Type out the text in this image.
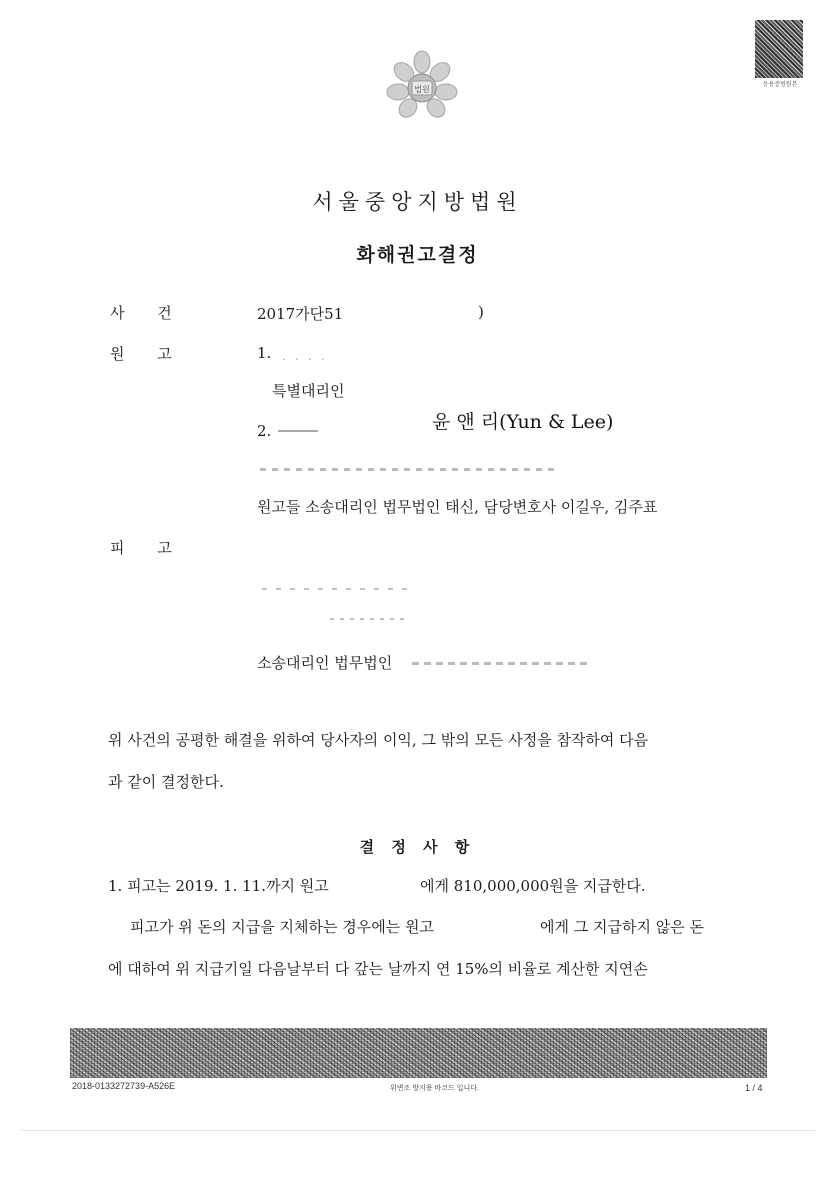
법원
응용증빙원본
서울중앙지방법원
화해권고결정
사 건	2017가단51	)
원 고	1. . . . .
특별대리인
2.	윤 앤 리(Yun & Lee)
원고들 소송대리인 법무법인 태신, 담당변호사 이길우, 김주표
피 고
소송대리인 법무법인
위 사건의 공평한 해결을 위하여 당사자의 이익, 그 밖의 모든 사정을 참작하여 다음
과 같이 결정한다.
결 정 사 항
1. 피고는 2019. 1. 11.까지 원고	에게 810,000,000원을 지급한다.
피고가 위 돈의 지급을 지체하는 경우에는 원고	에게 그 지급하지 않은 돈
에 대하여 위 지급기일 다음날부터 다 갚는 날까지 연 15%의 비율로 계산한 지연손
2018-0133272739-A526E	위변조 방지용 바코드 입니다.	1 / 4
